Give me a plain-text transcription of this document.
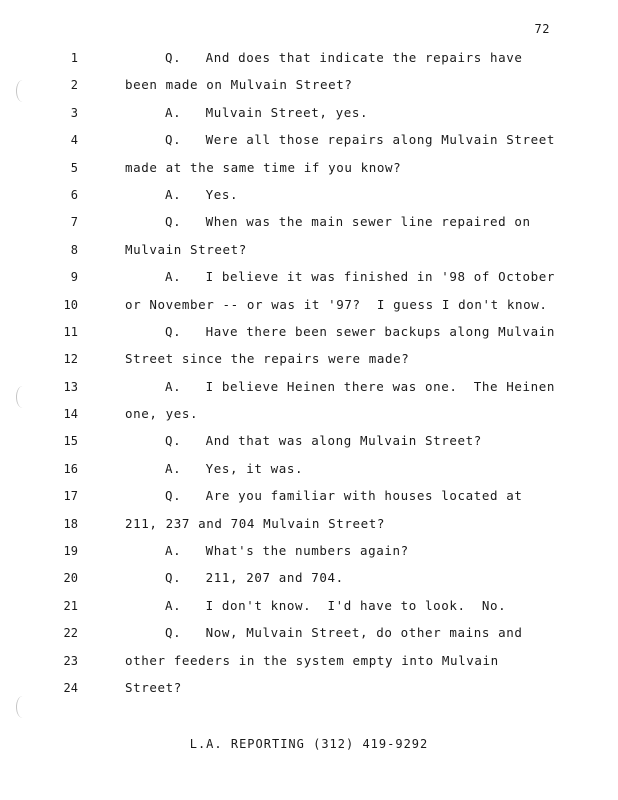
72
1	Q.   And does that indicate the repairs have
2	been made on Mulvain Street?
3	A.   Mulvain Street, yes.
4	Q.   Were all those repairs along Mulvain Street
5	made at the same time if you know?
6	A.   Yes.
7	Q.   When was the main sewer line repaired on
8	Mulvain Street?
9	A.   I believe it was finished in '98 of October
10	or November -- or was it '97?  I guess I don't know.
11	Q.   Have there been sewer backups along Mulvain
12	Street since the repairs were made?
13	A.   I believe Heinen there was one.  The Heinen
14	one, yes.
15	Q.   And that was along Mulvain Street?
16	A.   Yes, it was.
17	Q.   Are you familiar with houses located at
18	211, 237 and 704 Mulvain Street?
19	A.   What's the numbers again?
20	Q.   211, 207 and 704.
21	A.   I don't know.  I'd have to look.  No.
22	Q.   Now, Mulvain Street, do other mains and
23	other feeders in the system empty into Mulvain
24	Street?
L.A. REPORTING (312) 419-9292
